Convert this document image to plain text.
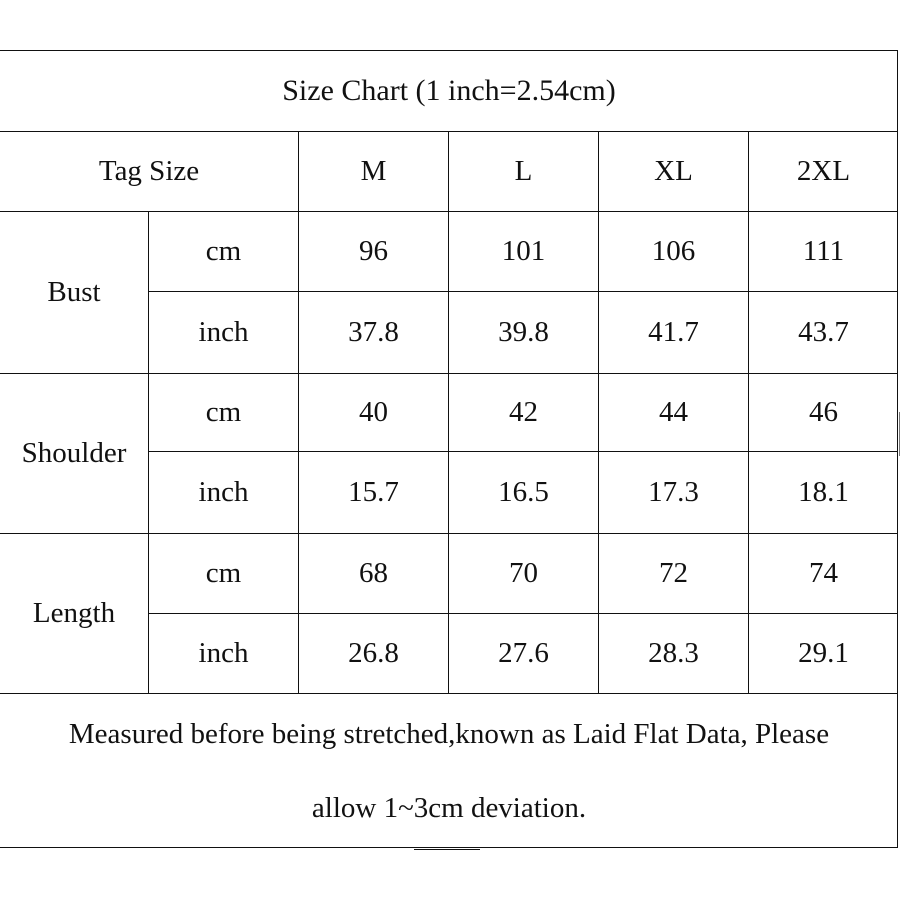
Size Chart (1 inch=2.54cm)
Tag Size	M	L	XL	2XL
Bust
cm	96	101	106	111
inch	37.8	39.8	41.7	43.7
Shoulder
cm	40	42	44	46
inch	15.7	16.5	17.3	18.1
Length
cm	68	70	72	74
inch	26.8	27.6	28.3	29.1
Measured before being stretched,known as Laid Flat Data, Please
allow 1~3cm deviation.
